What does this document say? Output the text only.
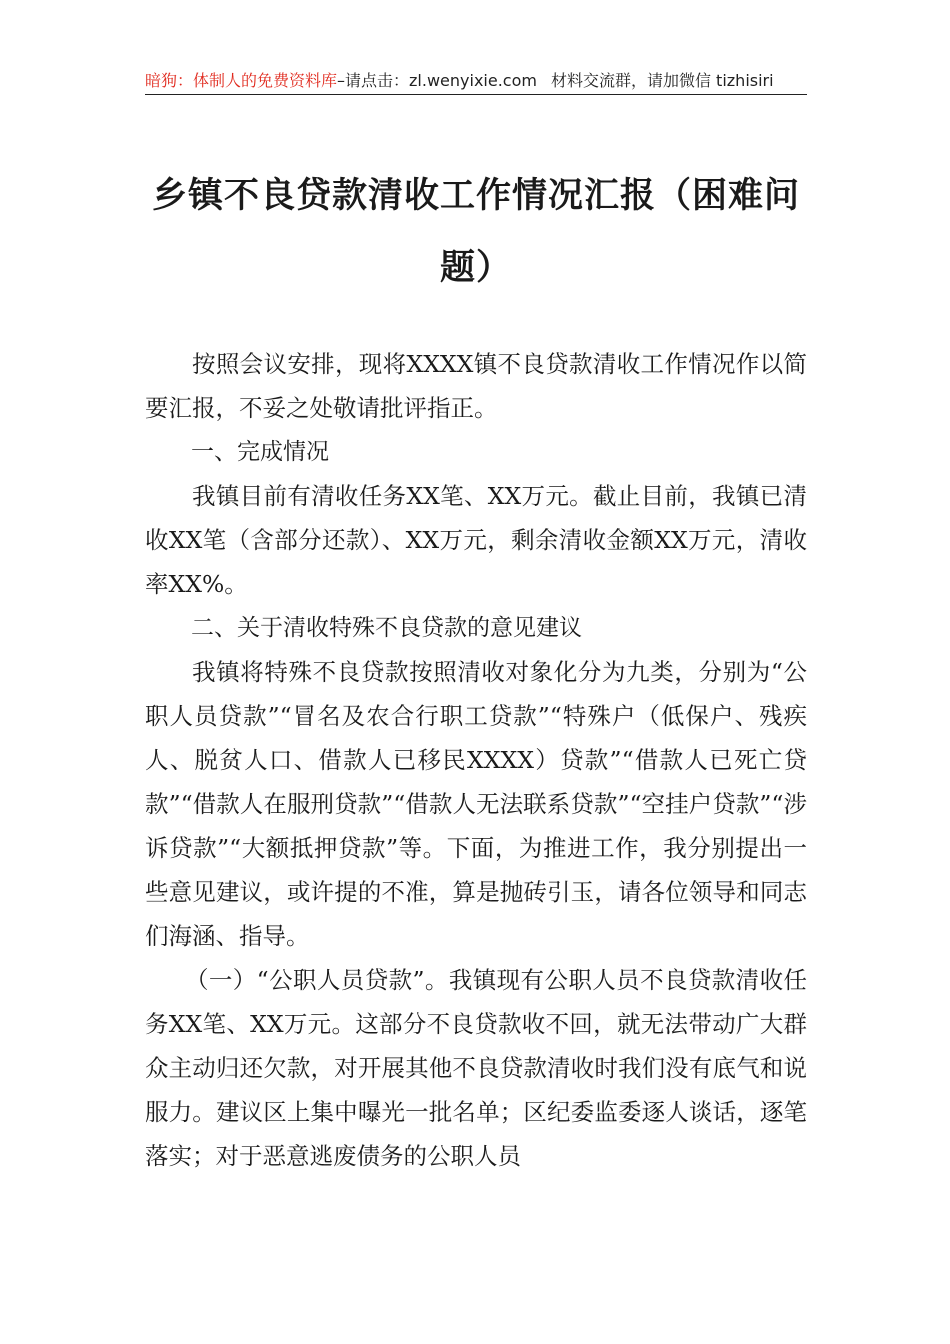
暗狗：体制人的免费资料库–请点击：zl.wenyixie.com 材料交流群，请加微信 tizhisiri
乡镇不良贷款清收工作情况汇报（困难问
题）

按照会议安排，现将XXXX镇不良贷款清收工作情况作以简要汇报，不妥之处敬请批评指正。

一、完成情况

我镇目前有清收任务XX笔、XX万元。截止目前，我镇已清收XX笔（含部分还款）、XX万元，剩余清收金额XX万元，清收率XX%。

二、关于清收特殊不良贷款的意见建议

我镇将特殊不良贷款按照清收对象化分为九类，分别为“公职人员贷款”“冒名及农合行职工贷款”“特殊户（低保户、残疾人、脱贫人口、借款人已移民XXXX）贷款”“借款人已死亡贷款”“借款人在服刑贷款”“借款人无法联系贷款”“空挂户贷款”“涉诉贷款”“大额抵押贷款”等。下面，为推进工作，我分别提出一些意见建议，或许提的不准，算是抛砖引玉，请各位领导和同志们海涵、指导。

（一）“公职人员贷款”。我镇现有公职人员不良贷款清收任务XX笔、XX万元。这部分不良贷款收不回，就无法带动广大群众主动归还欠款，对开展其他不良贷款清收时我们没有底气和说服力。建议区上集中曝光一批名单；区纪委监委逐人谈话，逐笔落实；对于恶意逃废债务的公职人员
